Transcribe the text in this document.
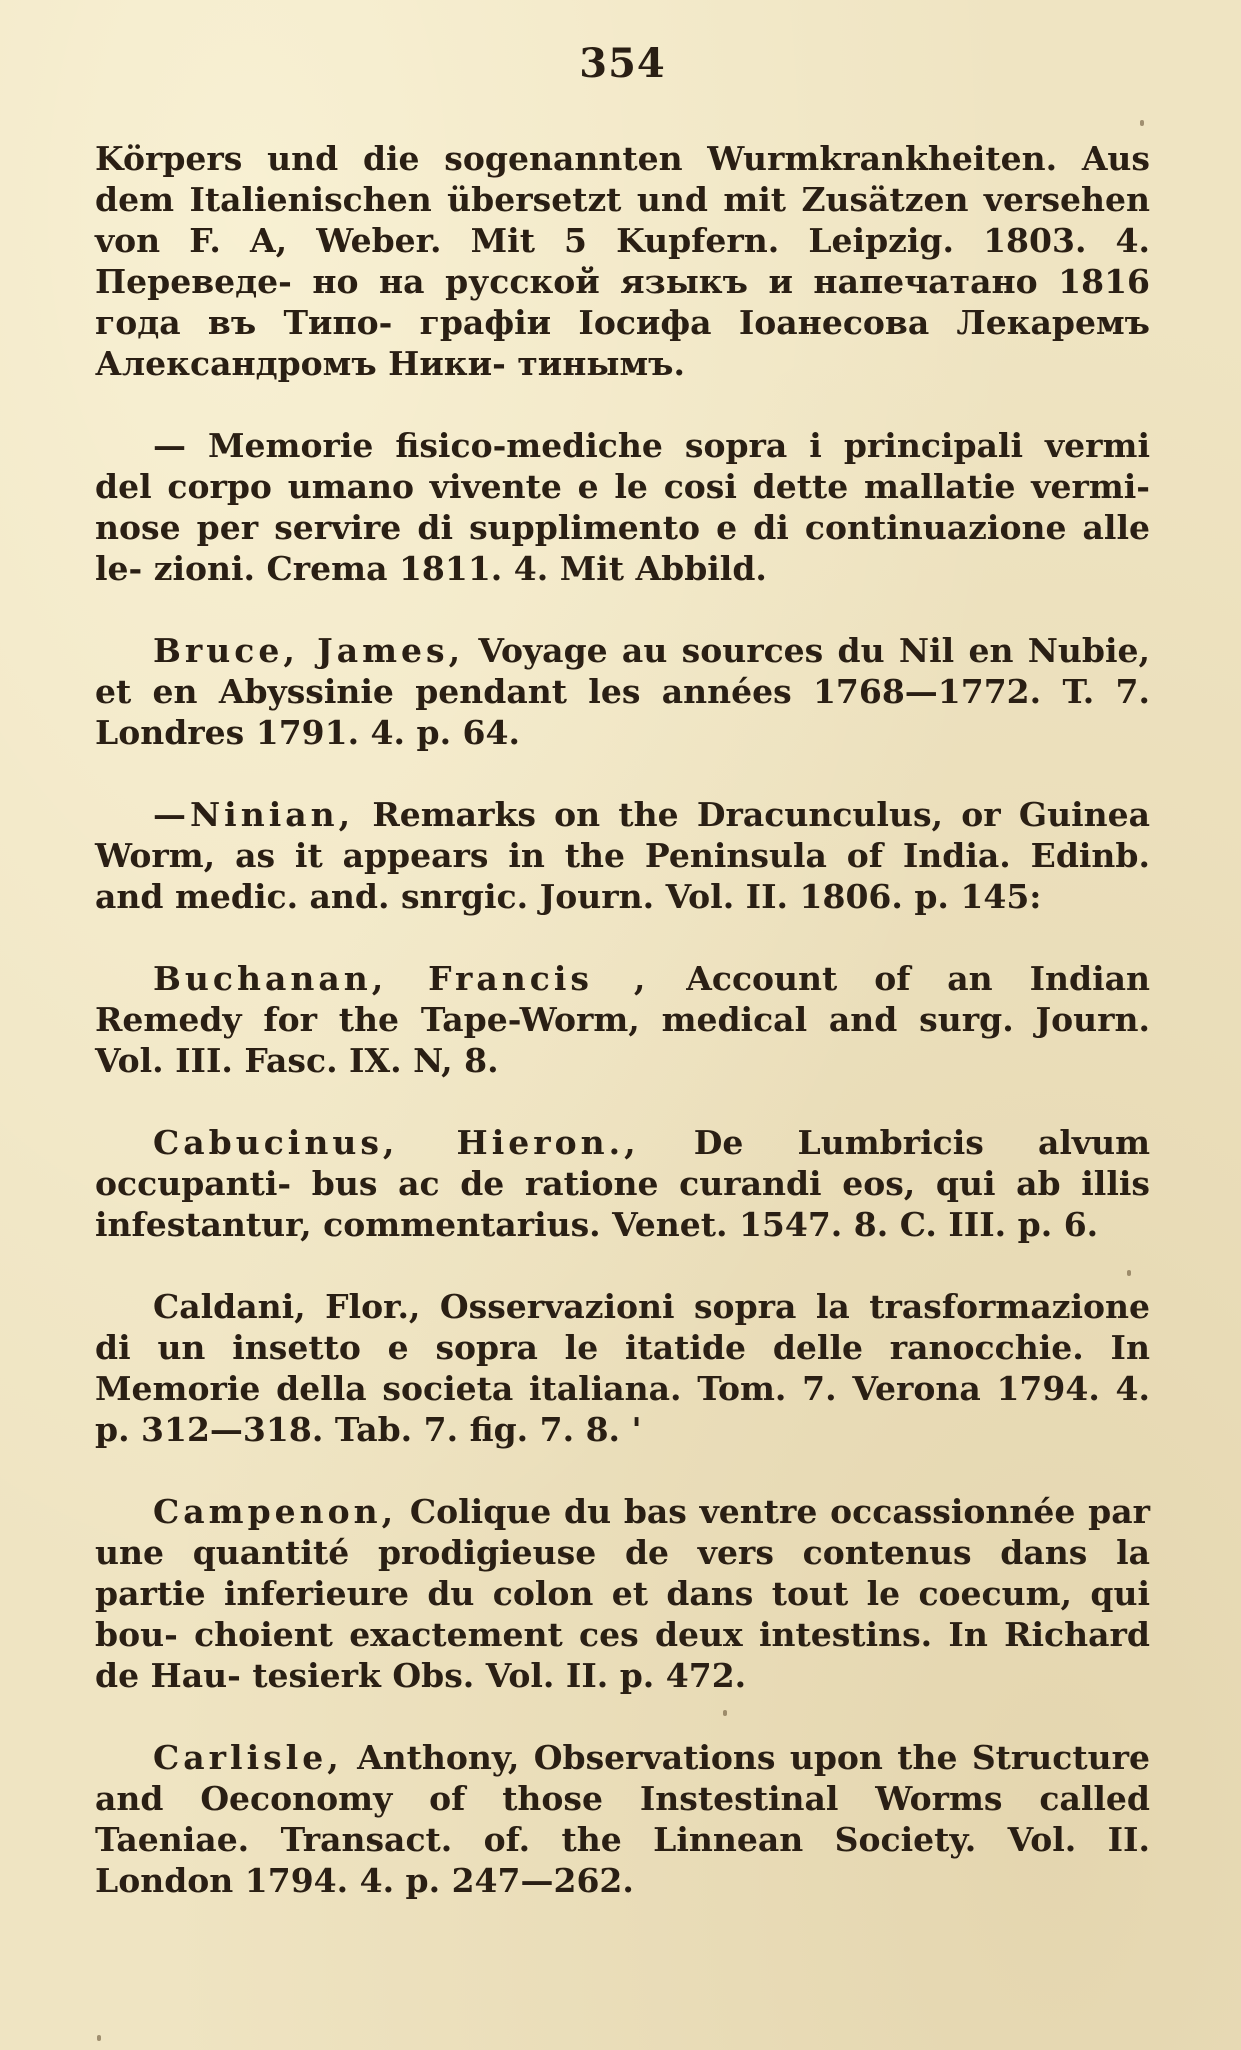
354

Körpers und die sogenannten Wurmkrankheiten. Aus dem Italienischen übersetzt und mit Zusätzen versehen von F. A, Weber. Mit 5 Kupfern. Leipzig. 1803. 4. Переведе- но на русской языкъ и напечатано 1816 года въ Типо- графіи Іосифа Іоанесова Лекаремъ Александромъ Ники- тинымъ.

— Memorie fisico-mediche sopra i principali vermi del corpo umano vivente e le cosi dette mallatie vermi- nose per servire di supplimento e di continuazione alle le- zioni. Crema 1811. 4. Mit Abbild.

Bruce, James, Voyage au sources du Nil en Nubie, et en Abyssinie pendant les années 1768—1772. T. 7. Londres 1791. 4. p. 64.

—Ninian, Remarks on the Dracunculus, or Guinea Worm, as it appears in the Peninsula of India. Edinb. and medic. and. snrgic. Journ. Vol. II. 1806. p. 145:

Buchanan, Francis , Account of an Indian Remedy for the Tape-Worm, medical and surg. Journ. Vol. III. Fasc. IX. N, 8.

Cabucinus, Hieron., De Lumbricis alvum occupanti- bus ac de ratione curandi eos, qui ab illis infestantur, commentarius. Venet. 1547. 8. C. III. p. 6.

Caldani, Flor., Osservazioni sopra la trasformazione di un insetto e sopra le itatide delle ranocchie. In Memorie della societa italiana. Tom. 7. Verona 1794. 4. p. 312—318. Tab. 7. fig. 7. 8. '

Campenon, Colique du bas ventre occassionnée par une quantité prodigieuse de vers contenus dans la partie inferieure du colon et dans tout le coecum, qui bou- choient exactement ces deux intestins. In Richard de Hau- tesierk Obs. Vol. II. p. 472.

Carlisle, Anthony, Observations upon the Structure and Oeconomy of those Instestinal Worms called Taeniae. Transact. of. the Linnean Society. Vol. II. London 1794. 4. p. 247—262.
